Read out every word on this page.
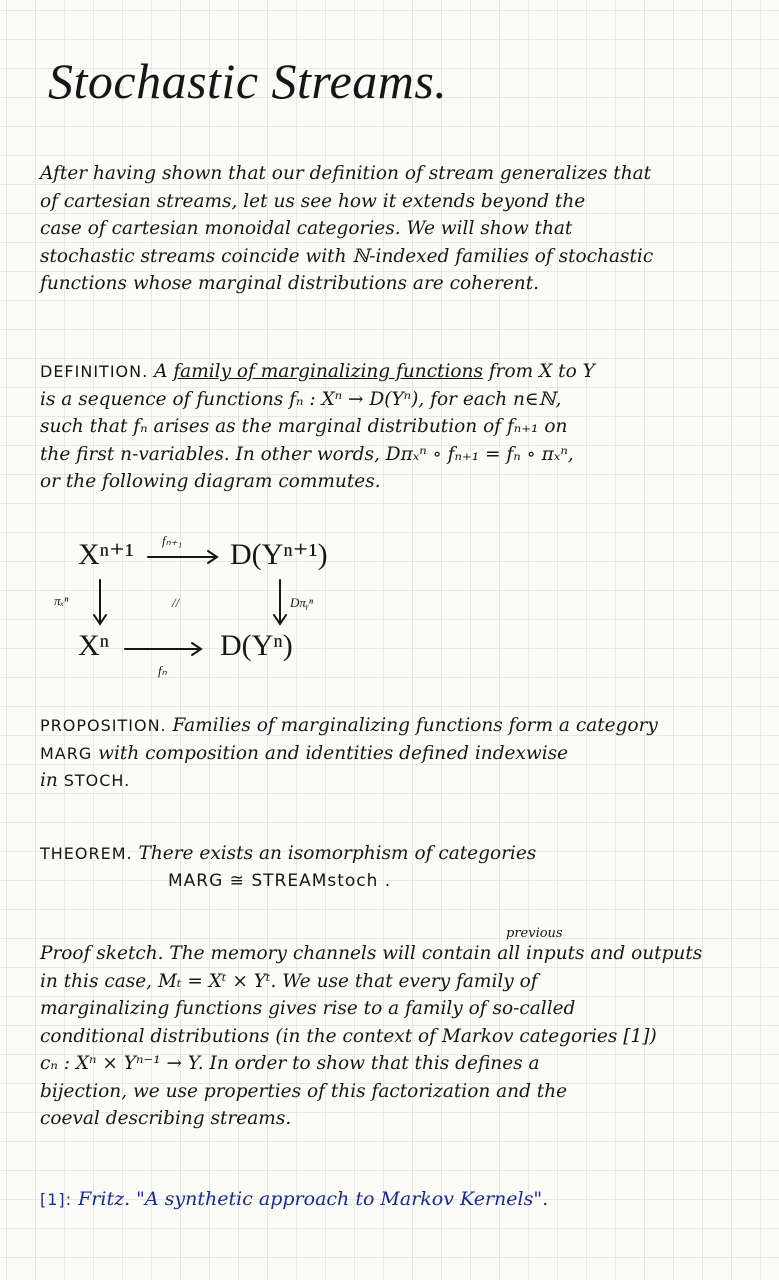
Stochastic Streams.

After having shown that our definition of stream generalizes that
of cartesian streams, let us see how it extends beyond the
case of cartesian monoidal categories. We will show that
stochastic streams coincide with ℕ-indexed families of stochastic
functions whose marginal distributions are coherent.

DEFINITION. A family of marginalizing functions from X to Y
is a sequence of functions fₙ : Xⁿ → D(Yⁿ), for each n∈ℕ,
such that fₙ arises as the marginal distribution of fₙ₊₁ on
the first n-variables. In other words, Dπₓⁿ ∘ fₙ₊₁ = fₙ ∘ πₓⁿ,
or the following diagram commutes.

Xⁿ⁺¹ fₙ₊₁ D(Yⁿ⁺¹)
πₓⁿ	//	Dπᵧⁿ
Xⁿ
fₙ
D(Yⁿ)

PROPOSITION. Families of marginalizing functions form a category
MARG with composition and identities defined indexwise
in STOCH.

THEOREM. There exists an isomorphism of categories

MARG ≅ STREAMstoch .
previous

Proof sketch. The memory channels will contain all inputs and outputs
in this case, Mₜ = Xᵗ × Yᵗ. We use that every family of
marginalizing functions gives rise to a family of so-called
conditional distributions (in the context of Markov categories [1])
cₙ : Xⁿ × Yⁿ⁻¹ → Y. In order to show that this defines a
bijection, we use properties of this factorization and the
coeval describing streams.

[1]: Fritz. "A synthetic approach to Markov Kernels".
